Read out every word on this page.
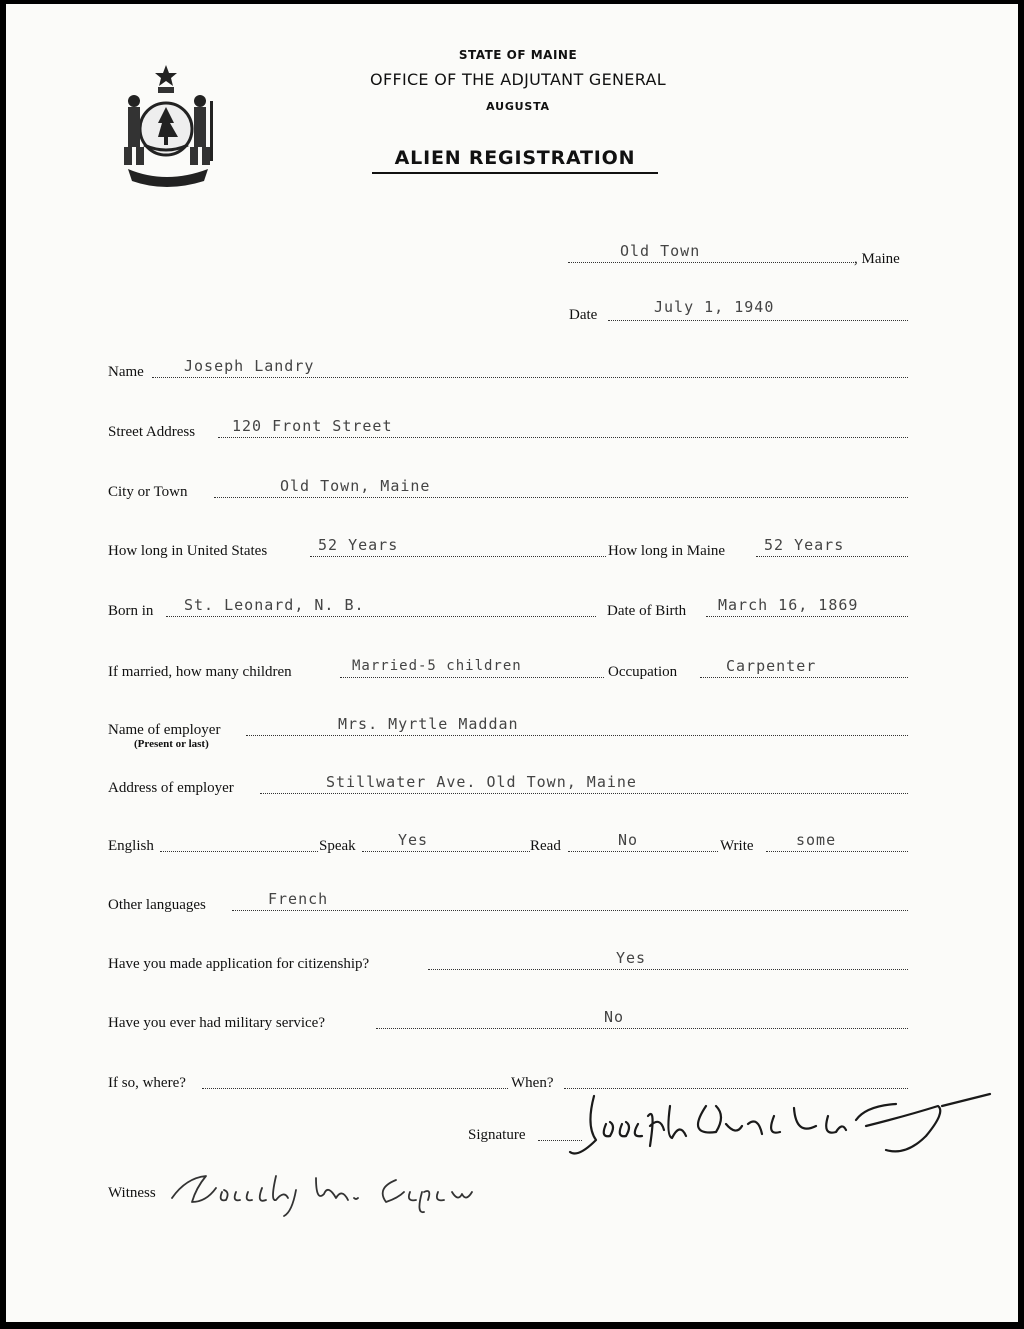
STATE OF MAINE
OFFICE OF THE ADJUTANT GENERAL
AUGUSTA
ALIEN REGISTRATION
Old Town	, Maine
Date	July 1, 1940
Name	Joseph Landry
Street Address 120 Front Street
City or Town	Old Town, Maine
How long in United States	52 Years	How long in Maine	52 Years
Born in St. Leonard, N. B.	Date of Birth March 16, 1869
If married, how many children	Married-5 children	Occupation	Carpenter
Name of employer
(Present or last)
Mrs. Myrtle Maddan
Address of employer	Stillwater Ave. Old Town, Maine
English	Speak	Yes	Read	No	Write	some
Other languages	French
Have you made application for citizenship?	Yes
Have you ever had military service?	No
If so, where?	When?
Signature
Witness
